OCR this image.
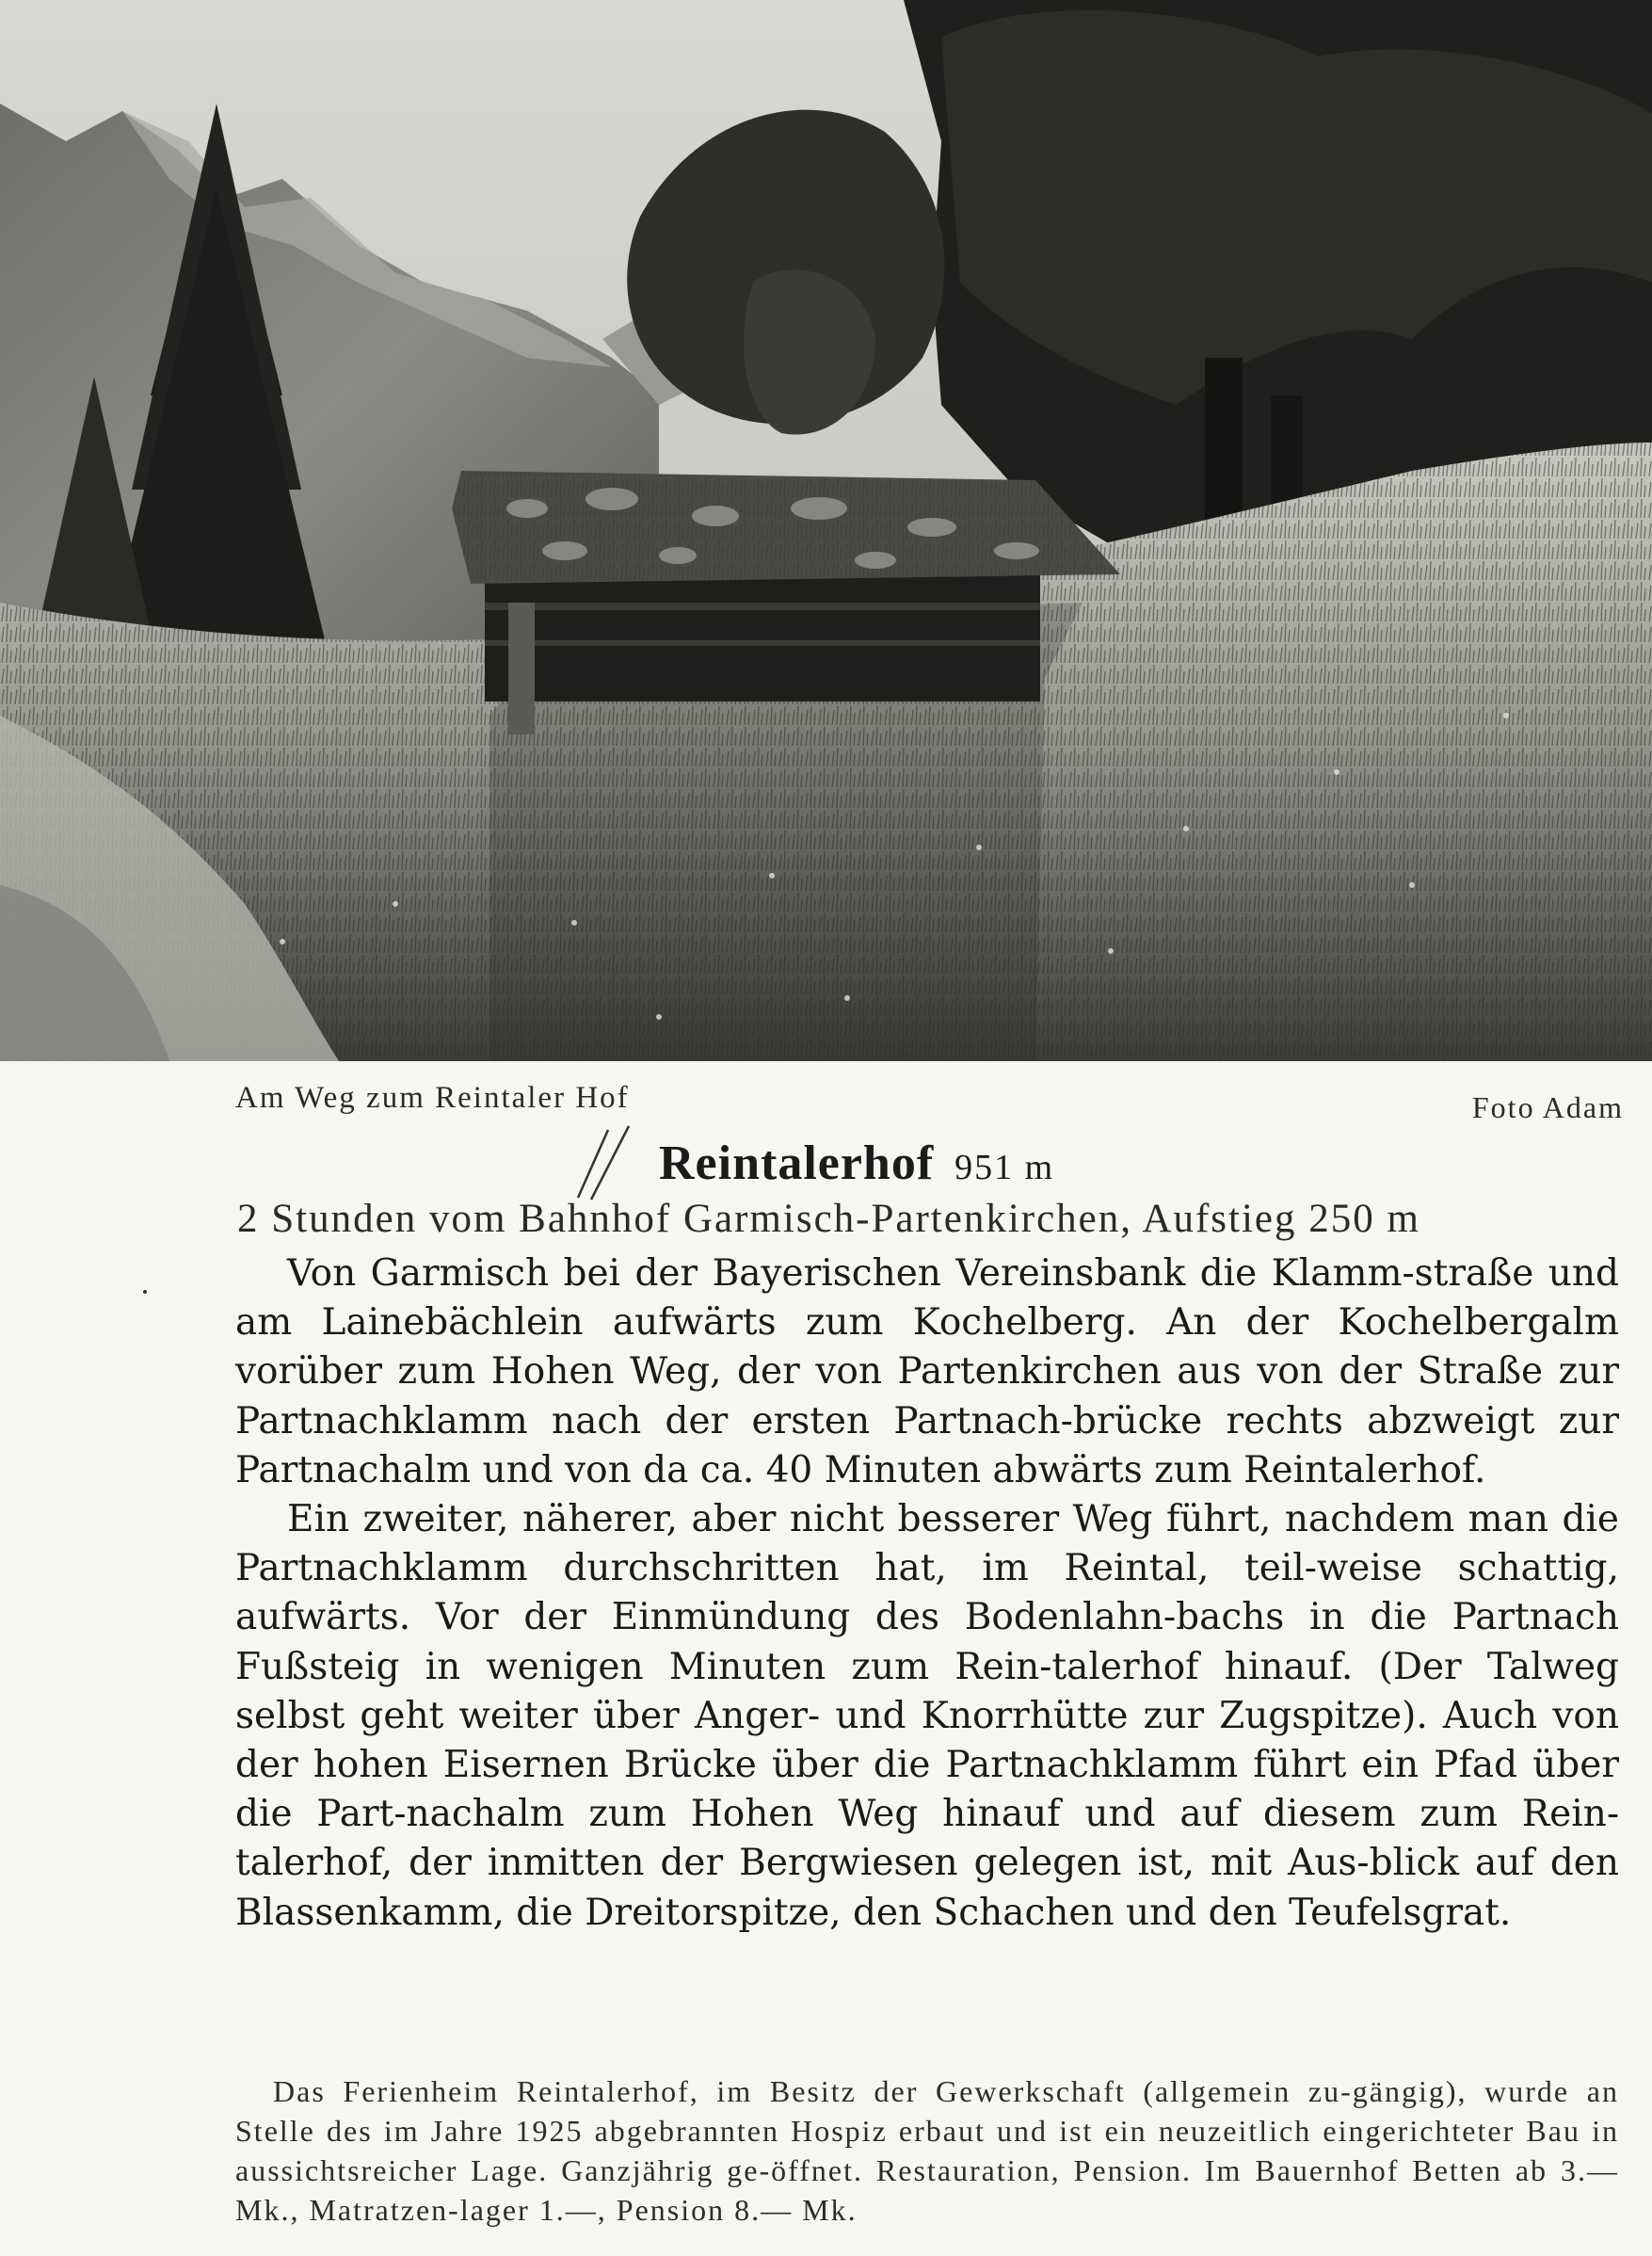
Am Weg zum Reintaler Hof	Foto Adam
Reintalerhof 951 m
2 Stunden vom Bahnhof Garmisch-Partenkirchen, Aufstieg 250 m

Von Garmisch bei der Bayerischen Vereinsbank die Klamm-straße und am Lainebächlein aufwärts zum Kochelberg. An der Kochelbergalm vorüber zum Hohen Weg, der von Partenkirchen aus von der Straße zur Partnachklamm nach der ersten Partnach-brücke rechts abzweigt zur Partnachalm und von da ca. 40 Minuten abwärts zum Reintalerhof.

Ein zweiter, näherer, aber nicht besserer Weg führt, nachdem man die Partnachklamm durchschritten hat, im Reintal, teil-weise schattig, aufwärts. Vor der Einmündung des Bodenlahn-bachs in die Partnach Fußsteig in wenigen Minuten zum Rein-talerhof hinauf. (Der Talweg selbst geht weiter über Anger- und Knorrhütte zur Zugspitze). Auch von der hohen Eisernen Brücke über die Partnachklamm führt ein Pfad über die Part-nachalm zum Hohen Weg hinauf und auf diesem zum Rein-talerhof, der inmitten der Bergwiesen gelegen ist, mit Aus-blick auf den Blassenkamm, die Dreitorspitze, den Schachen und den Teufelsgrat.

Das Ferienheim Reintalerhof, im Besitz der Gewerkschaft (allgemein zu-gängig), wurde an Stelle des im Jahre 1925 abgebrannten Hospiz erbaut und ist ein neuzeitlich eingerichteter Bau in aussichtsreicher Lage. Ganzjährig ge-öffnet. Restauration, Pension. Im Bauernhof Betten ab 3.— Mk., Matratzen-lager 1.—, Pension 8.— Mk.
